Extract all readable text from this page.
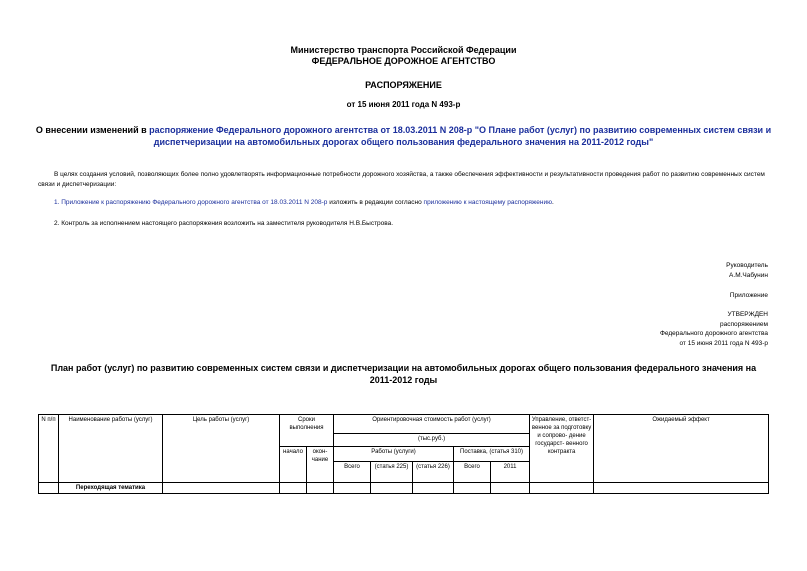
Министерство транспорта Российской Федерации
ФЕДЕРАЛЬНОЕ ДОРОЖНОЕ АГЕНТСТВО
РАСПОРЯЖЕНИЕ
от 15 июня 2011 года N 493-р
О внесении изменений в распоряжение Федерального дорожного агентства от 18.03.2011 N 208-р "О Плане работ (услуг) по развитию современных систем связи и диспетчеризации на автомобильных дорогах общего пользования федерального значения на 2011-2012 годы"
В целях создания условий, позволяющих более полно удовлетворять информационные потребности дорожного хозяйства, а также обеспечения эффективности и результативности проведения работ по развитию современных систем связи и диспетчеризации:
1. Приложение к распоряжению Федерального дорожного агентства от 18.03.2011 N 208-р изложить в редакции согласно приложению к настоящему распоряжению.
2. Контроль за исполнением настоящего распоряжения возложить на заместителя руководителя Н.В.Быстрова.
Руководитель
А.М.Чабунин
Приложение
УТВЕРЖДЕН
распоряжением
Федерального дорожного агентства
от 15 июня 2011 года N 493-р
План работ (услуг) по развитию современных систем связи и диспетчеризации на автомобильных дорогах общего пользования федерального значения на 2011-2012 годы
N п/п	Наименование работы (услуг)	Цель работы (услуг)	Сроки выполнения		Ориентировочная стоимость работ (услуг)					Управление, ответст- венное за подготовку и сопрово- дение государст- венного контракта	Ожидаемый эффект
					(тыс.руб.)						
			начало	окон- чание	Работы (услуги)			Поставка, (статья 310)			
					Всего	(статья 225)	(статья 226)	Всего	2011		
	Переходящая тематика										
